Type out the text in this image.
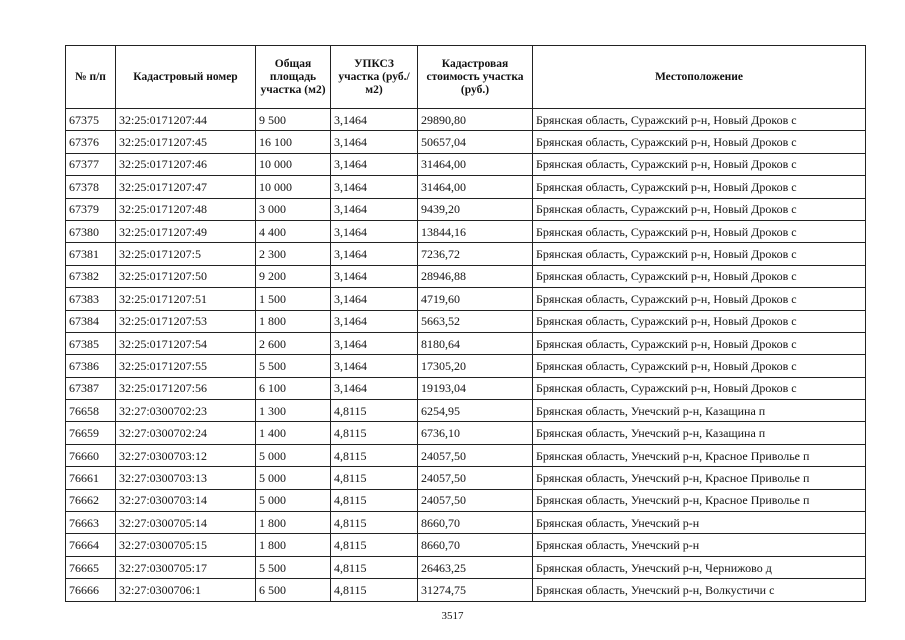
№ п/п	Кадастровый номер	Общая площадь участка (м2)	УПКСЗ участка (руб./м2)	Кадастровая стоимость участка (руб.)	Местоположение
67375	32:25:0171207:44	9 500	3,1464	29890,80	Брянская область, Суражский р-н, Новый Дроков с
67376	32:25:0171207:45	16 100	3,1464	50657,04	Брянская область, Суражский р-н, Новый Дроков с
67377	32:25:0171207:46	10 000	3,1464	31464,00	Брянская область, Суражский р-н, Новый Дроков с
67378	32:25:0171207:47	10 000	3,1464	31464,00	Брянская область, Суражский р-н, Новый Дроков с
67379	32:25:0171207:48	3 000	3,1464	9439,20	Брянская область, Суражский р-н, Новый Дроков с
67380	32:25:0171207:49	4 400	3,1464	13844,16	Брянская область, Суражский р-н, Новый Дроков с
67381	32:25:0171207:5	2 300	3,1464	7236,72	Брянская область, Суражский р-н, Новый Дроков с
67382	32:25:0171207:50	9 200	3,1464	28946,88	Брянская область, Суражский р-н, Новый Дроков с
67383	32:25:0171207:51	1 500	3,1464	4719,60	Брянская область, Суражский р-н, Новый Дроков с
67384	32:25:0171207:53	1 800	3,1464	5663,52	Брянская область, Суражский р-н, Новый Дроков с
67385	32:25:0171207:54	2 600	3,1464	8180,64	Брянская область, Суражский р-н, Новый Дроков с
67386	32:25:0171207:55	5 500	3,1464	17305,20	Брянская область, Суражский р-н, Новый Дроков с
67387	32:25:0171207:56	6 100	3,1464	19193,04	Брянская область, Суражский р-н, Новый Дроков с
76658	32:27:0300702:23	1 300	4,8115	6254,95	Брянская область, Унечский р-н, Казащина п
76659	32:27:0300702:24	1 400	4,8115	6736,10	Брянская область, Унечский р-н, Казащина п
76660	32:27:0300703:12	5 000	4,8115	24057,50	Брянская область, Унечский р-н, Красное Приволье п
76661	32:27:0300703:13	5 000	4,8115	24057,50	Брянская область, Унечский р-н, Красное Приволье п
76662	32:27:0300703:14	5 000	4,8115	24057,50	Брянская область, Унечский р-н, Красное Приволье п
76663	32:27:0300705:14	1 800	4,8115	8660,70	Брянская область, Унечский р-н
76664	32:27:0300705:15	1 800	4,8115	8660,70	Брянская область, Унечский р-н
76665	32:27:0300705:17	5 500	4,8115	26463,25	Брянская область, Унечский р-н, Чернижово д
76666	32:27:0300706:1	6 500	4,8115	31274,75	Брянская область, Унечский р-н, Волкустичи с
3517
